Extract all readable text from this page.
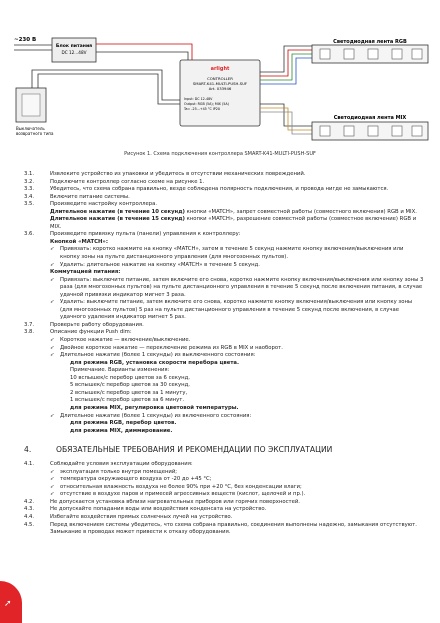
~230 В
Блок питания
DC 12...48V
Выключатель
возвратного типа
arlight
CONTROLLER
SMART-K41-MULTI-PUSH-SUF
Art. 033946
Input: DC 12-48V
Output: RGB (5A); MIX (5A)
Ta= -25...+45 °C IP20
Светодиодная лента RGB
Светодиодная лента MIX
Рисунок 1. Схема подключения контроллера SMART-K41-MULTI-PUSH-SUF
3.1.	Извлеките устройство из упаковки и убедитесь в отсутствии механических повреждений.
3.2.	Подключите контроллер согласно схеме на рисунке 1.
3.3.	Убедитесь, что схема собрана правильно, везде соблюдена полярность подключения, и провода нигде не замыкаются.
3.4.	Включите питание системы.
3.5.	Произведите настройку контроллера.
Длительное нажатие (в течение 10 секунд) кнопки «MATCH», запрет совместной работы (совместного включения) RGB и MIX.
Длительное нажатие (в течение 15 секунд) кнопки «MATCH», разрешение совместной работы (совместное включение) RGB и MIX.
3.6.	Произведите привязку пульта (панели) управления к контроллеру:
Кнопкой «MATCH»:
➶	Привязать: коротко нажмите на кнопку «MATCH», затем в течение 5 секунд нажмите кнопку включения/выключения или кнопку зоны на пульте дистанционного управления (для многозонных пультов).
➶	Удалить: длительное нажатие на кнопку «MATCH» в течение 5 секунд.
Коммутацией питания:
➶	Привязать: выключите питание, затем включите его снова, коротко нажмите кнопку включения/выключения или кнопку зоны 3 раза (для многозонных пультов) на пульте дистанционного управления в течение 5 секунд после включения питания, в случае удачной привязки индикатор мигнет 3 раза.
➶	Удалить: выключите питание, затем включите его снова, коротко нажмите кнопку включения/выключения или кнопку зоны (для многозонных пультов) 5 раз на пульте дистанционного управления в течение 5 секунд после включения, в случае удачного удаления индикатор мигнет 5 раз.
3.7.	Проверьте работу оборудования.
3.8.	Описание функции Push dim:
➶	Короткое нажатие — включение/выключение.
➶	Двойное короткое нажатие — переключение режима из RGB в MIX и наоборот.
➶	Длительное нажатие (более 1 секунды) из выключенного состояния:
для режима RGB, установка скорости перебора цвета.
Примечание. Варианты изменения:
10 вспышек/с перебор цветов за 6 секунд,
5 вспышек/с перебор цветов за 30 секунд,
2 вспышек/с перебор цветов за 1 минуту,
1 вспышек/с перебор цветов за 6 минут.
для режима MIX, регулировка цветовой температуры.
➶	Длительное нажатие (более 1 секунды) из включенного состояния:
для режима RGB, перебор цветов.
для режима MIX, диммирование.
4.	ОБЯЗАТЕЛЬНЫЕ ТРЕБОВАНИЯ И РЕКОМЕНДАЦИИ ПО ЭКСПЛУАТАЦИИ
4.1.	Соблюдайте условия эксплуатации оборудования:
➶	эксплуатация только внутри помещений;
➶	температура окружающего воздуха от -20 до +45 °С;
➶	относительная влажность воздуха не более 90% при +20 °С, без конденсации влаги;
➶	отсутствие в воздухе паров и примесей агрессивных веществ (кислот, щелочей и пр.).
4.2.	Не допускается установка вблизи нагревательных приборов или горячих поверхностей.
4.3.	Не допускайте попадания воды или воздействия конденсата на устройство.
4.4.	Избегайте воздействия прямых солнечных лучей на устройство.
4.5.	Перед включением системы убедитесь, что схема собрана правильно, соединения выполнены надежно, замыкания отсутствуют. Замыкание в проводах может привести к отказу оборудования.
➚
